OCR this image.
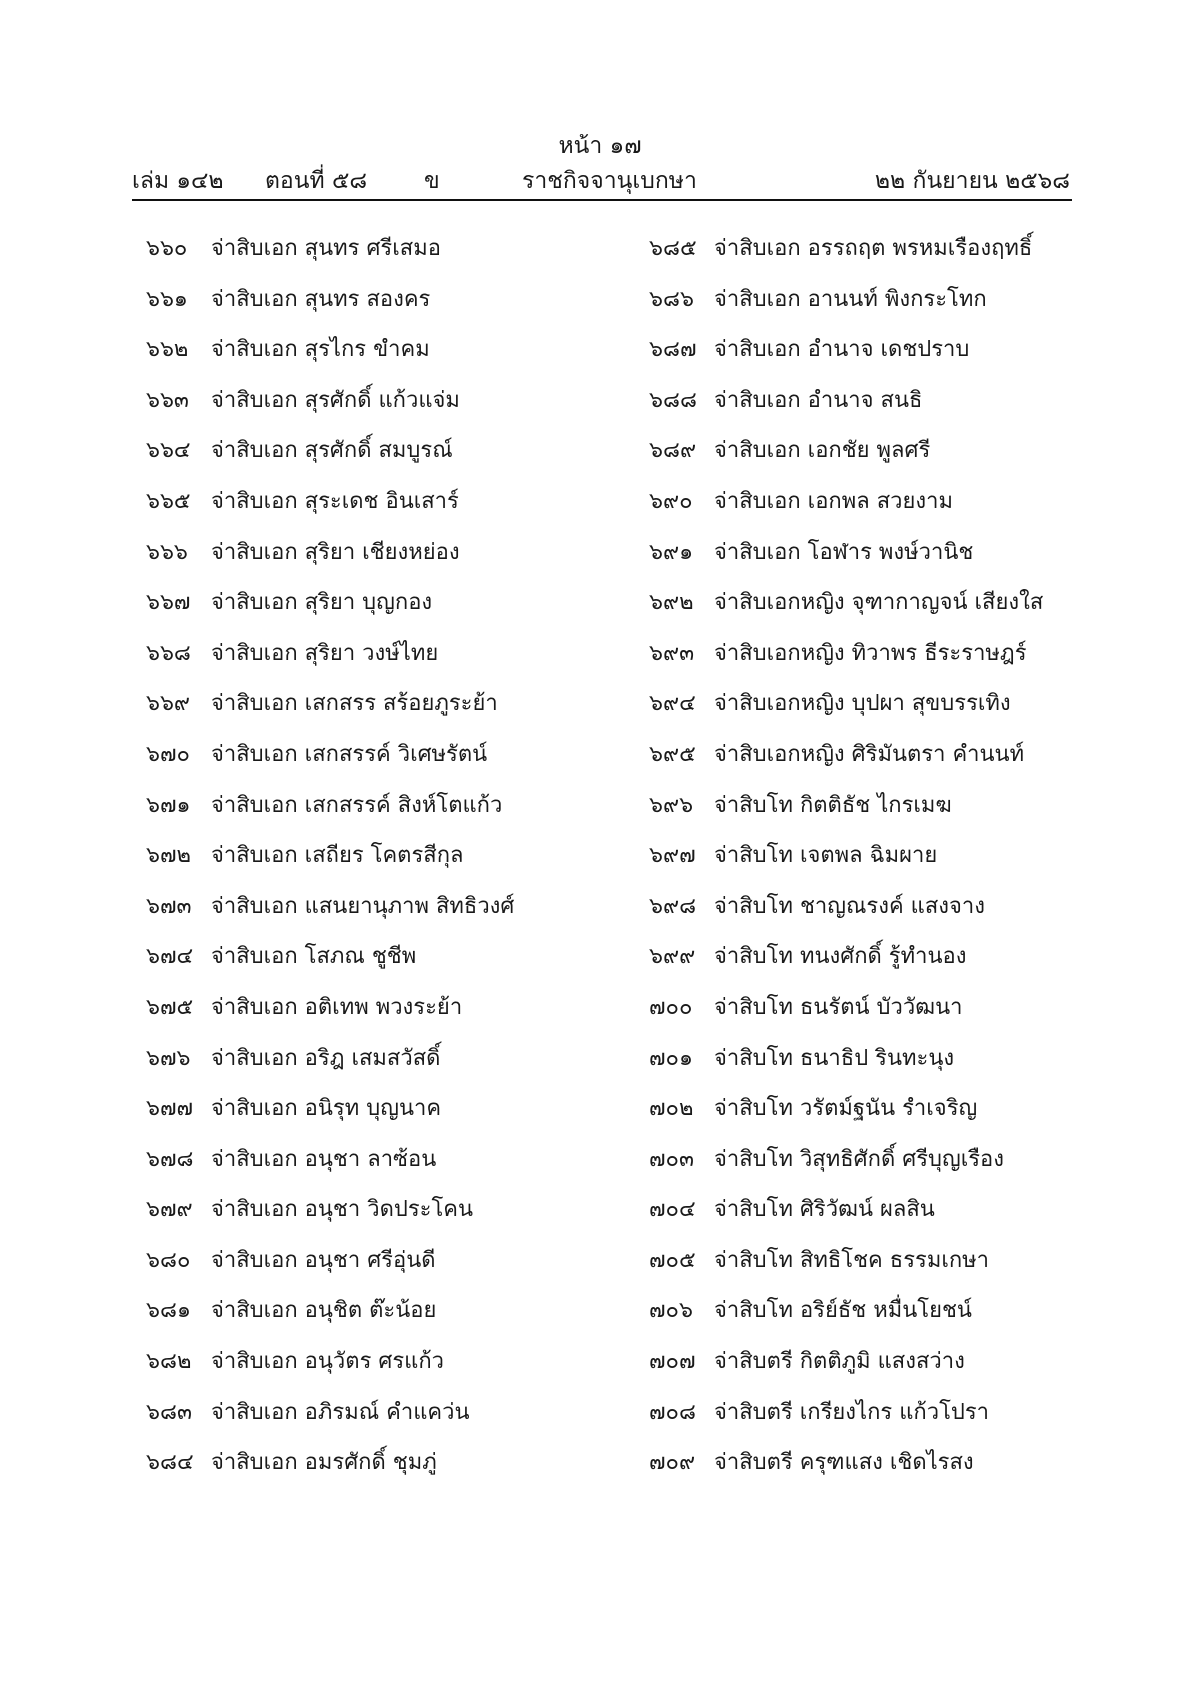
หน้า ๑๗
เล่ม ๑๔๒ ตอนที่ ๕๘ ข	ราชกิจจานุเบกษา	๒๒ กันยายน ๒๕๖๘
๖๖๐	จ่าสิบเอก สุนทร ศรีเสมอ
๖๖๑	จ่าสิบเอก สุนทร สองคร
๖๖๒	จ่าสิบเอก สุรไกร ขำคม
๖๖๓	จ่าสิบเอก สุรศักดิ์ แก้วแจ่ม
๖๖๔ จ่าสิบเอก สุรศักดิ์ สมบูรณ์
๖๖๕ จ่าสิบเอก สุระเดช อินเสาร์
๖๖๖	จ่าสิบเอก สุริยา เชียงหย่อง
๖๖๗ จ่าสิบเอก สุริยา บุญกอง
๖๖๘ จ่าสิบเอก สุริยา วงษ์ไทย
๖๖๙ จ่าสิบเอก เสกสรร สร้อยภูระย้า
๖๗๐ จ่าสิบเอก เสกสรรค์ วิเศษรัตน์
๖๗๑ จ่าสิบเอก เสกสรรค์ สิงห์โตแก้ว
๖๗๒ จ่าสิบเอก เสถียร โคตรสีกุล
๖๗๓ จ่าสิบเอก แสนยานุภาพ สิทธิวงศ์
๖๗๔ จ่าสิบเอก โสภณ ชูชีพ
๖๗๕ จ่าสิบเอก อติเทพ พวงระย้า
๖๗๖ จ่าสิบเอก อริฎ เสมสวัสดิ์
๖๗๗ จ่าสิบเอก อนิรุท บุญนาค
๖๗๘ จ่าสิบเอก อนุชา ลาซ้อน
๖๗๙ จ่าสิบเอก อนุชา วิดประโคน
๖๘๐ จ่าสิบเอก อนุชา ศรีอุ่นดี
๖๘๑ จ่าสิบเอก อนุชิต ต๊ะน้อย
๖๘๒ จ่าสิบเอก อนุวัตร ศรแก้ว
๖๘๓ จ่าสิบเอก อภิรมณ์ คำแคว่น
๖๘๔ จ่าสิบเอก อมรศักดิ์ ชุมภู่
๖๘๕ จ่าสิบเอก อรรถฤต พรหมเรืองฤทธิ์
๖๘๖ จ่าสิบเอก อานนท์ พิงกระโทก
๖๘๗ จ่าสิบเอก อำนาจ เดชปราบ
๖๘๘ จ่าสิบเอก อำนาจ สนธิ
๖๘๙ จ่าสิบเอก เอกชัย พูลศรี
๖๙๐ จ่าสิบเอก เอกพล สวยงาม
๖๙๑ จ่าสิบเอก โอฬาร พงษ์วานิช
๖๙๒ จ่าสิบเอกหญิง จุฑากาญจน์ เสียงใส
๖๙๓ จ่าสิบเอกหญิง ทิวาพร ธีระราษฎร์
๖๙๔ จ่าสิบเอกหญิง บุปผา สุขบรรเทิง
๖๙๕ จ่าสิบเอกหญิง ศิริมันตรา คำนนท์
๖๙๖ จ่าสิบโท กิตติธัช ไกรเมฆ
๖๙๗ จ่าสิบโท เจตพล ฉิมผาย
๖๙๘ จ่าสิบโท ชาญณรงค์ แสงจาง
๖๙๙ จ่าสิบโท ทนงศักดิ์ รู้ทำนอง
๗๐๐ จ่าสิบโท ธนรัตน์ บัววัฒนา
๗๐๑ จ่าสิบโท ธนาธิป รินทะนุง
๗๐๒ จ่าสิบโท วรัตม์ฐนัน รำเจริญ
๗๐๓ จ่าสิบโท วิสุทธิศักดิ์ ศรีบุญเรือง
๗๐๔ จ่าสิบโท ศิริวัฒน์ ผลสิน
๗๐๕ จ่าสิบโท สิทธิโชค ธรรมเกษา
๗๐๖ จ่าสิบโท อริย์ธัช หมื่นโยชน์
๗๐๗ จ่าสิบตรี กิตติภูมิ แสงสว่าง
๗๐๘ จ่าสิบตรี เกรียงไกร แก้วโปรา
๗๐๙ จ่าสิบตรี ครุฑแสง เชิดไรสง
